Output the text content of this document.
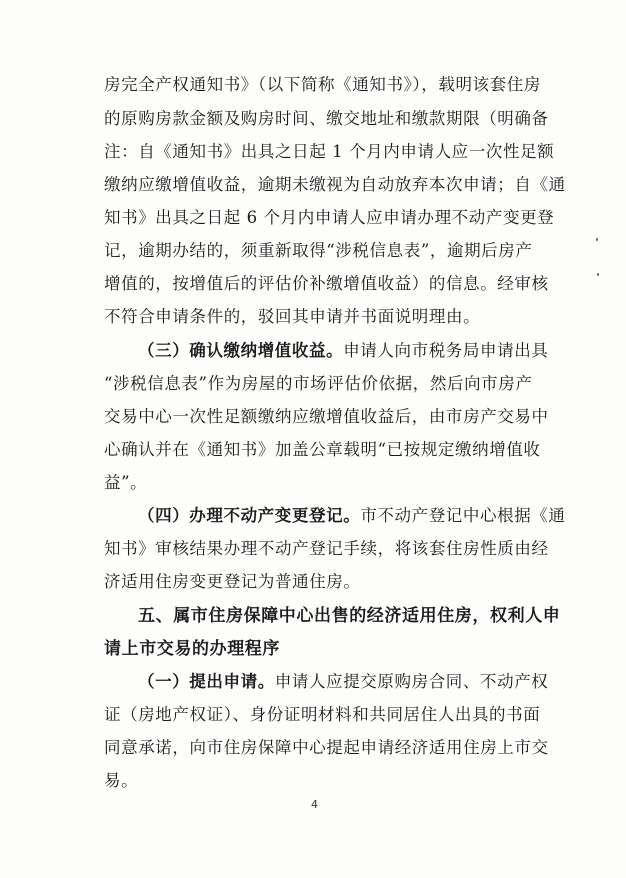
房完全产权通知书》（以下简称《通知书》），载明该套住房
的原购房款金额及购房时间、缴交地址和缴款期限（明确备
注：自《通知书》出具之日起 1 个月内申请人应一次性足额
缴纳应缴增值收益，逾期未缴视为自动放弃本次申请；自《通
知书》出具之日起 6 个月内申请人应申请办理不动产变更登
记，逾期办结的，须重新取得“涉税信息表”，逾期后房产
增值的，按增值后的评估价补缴增值收益）的信息。经审核
不符合申请条件的，驳回其申请并书面说明理由。
（三）确认缴纳增值收益。申请人向市税务局申请出具
“涉税信息表”作为房屋的市场评估价依据，然后向市房产
交易中心一次性足额缴纳应缴增值收益后，由市房产交易中
心确认并在《通知书》加盖公章载明“已按规定缴纳增值收
益”。
（四）办理不动产变更登记。市不动产登记中心根据《通
知书》审核结果办理不动产登记手续，将该套住房性质由经
济适用住房变更登记为普通住房。
五、属市住房保障中心出售的经济适用住房，权利人申
请上市交易的办理程序
（一）提出申请。申请人应提交原购房合同、不动产权
证（房地产权证）、身份证明材料和共同居住人出具的书面
同意承诺，向市住房保障中心提起申请经济适用住房上市交
易。
4
